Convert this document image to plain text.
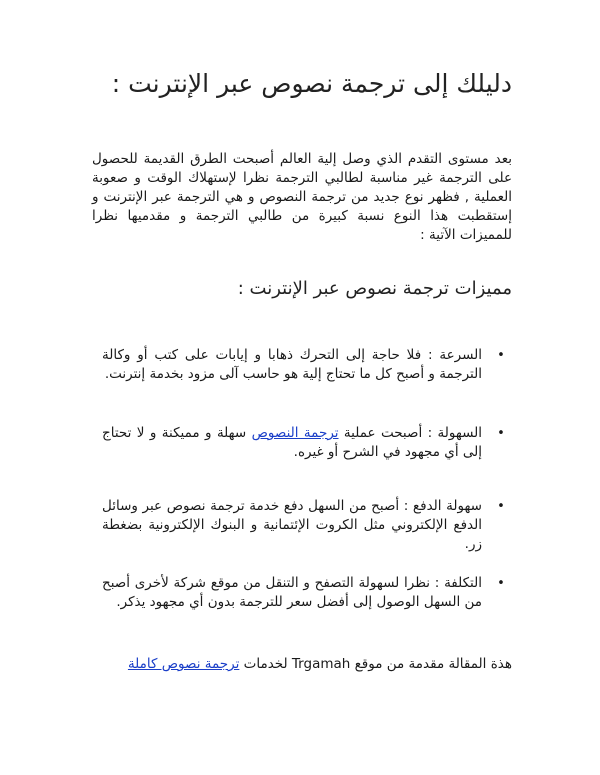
دليلك إلى ترجمة نصوص عبر الإنترنت :

بعد مستوى التقدم الذي وصل إلية العالم أصبحت الطرق القديمة للحصول على الترجمة غير مناسبة لطالبي الترجمة نظرا لإستهلاك الوقت و صعوبة العملية , فظهر نوع جديد من ترجمة النصوص و هي الترجمة عبر الإنترنت و إستقطبت هذا النوع نسبة كبيرة من طالبي الترجمة و مقدميها نظرا للمميزات الآتية :

مميزات ترجمة نصوص عبر الإنترنت :
•
السرعة : فلا حاجة إلى التحرك ذهابا و إيابات على كتب أو وكالة الترجمة و أصبح كل ما تحتاج إلية هو حاسب آلى مزود بخدمة إنترنت.
•
السهولة : أصبحت عملية ترجمة النصوص سهلة و مميكنة و لا تحتاج إلى أي مجهود في الشرح أو غيره.
•
سهولة الدفع : أصبح من السهل دفع خدمة ترجمة نصوص عبر وسائل الدفع الإلكتروني مثل الكروت الإئتمانية و البنوك الإلكترونية بضغطة زر.
•
التكلفة : نظرا لسهولة التصفح و التنقل من موقع شركة لأخرى أصبح من السهل الوصول إلى أفضل سعر للترجمة بدون أي مجهود يذكر.

هذة المقالة مقدمة من موقع Trgamah لخدمات ترجمة نصوص كاملة
